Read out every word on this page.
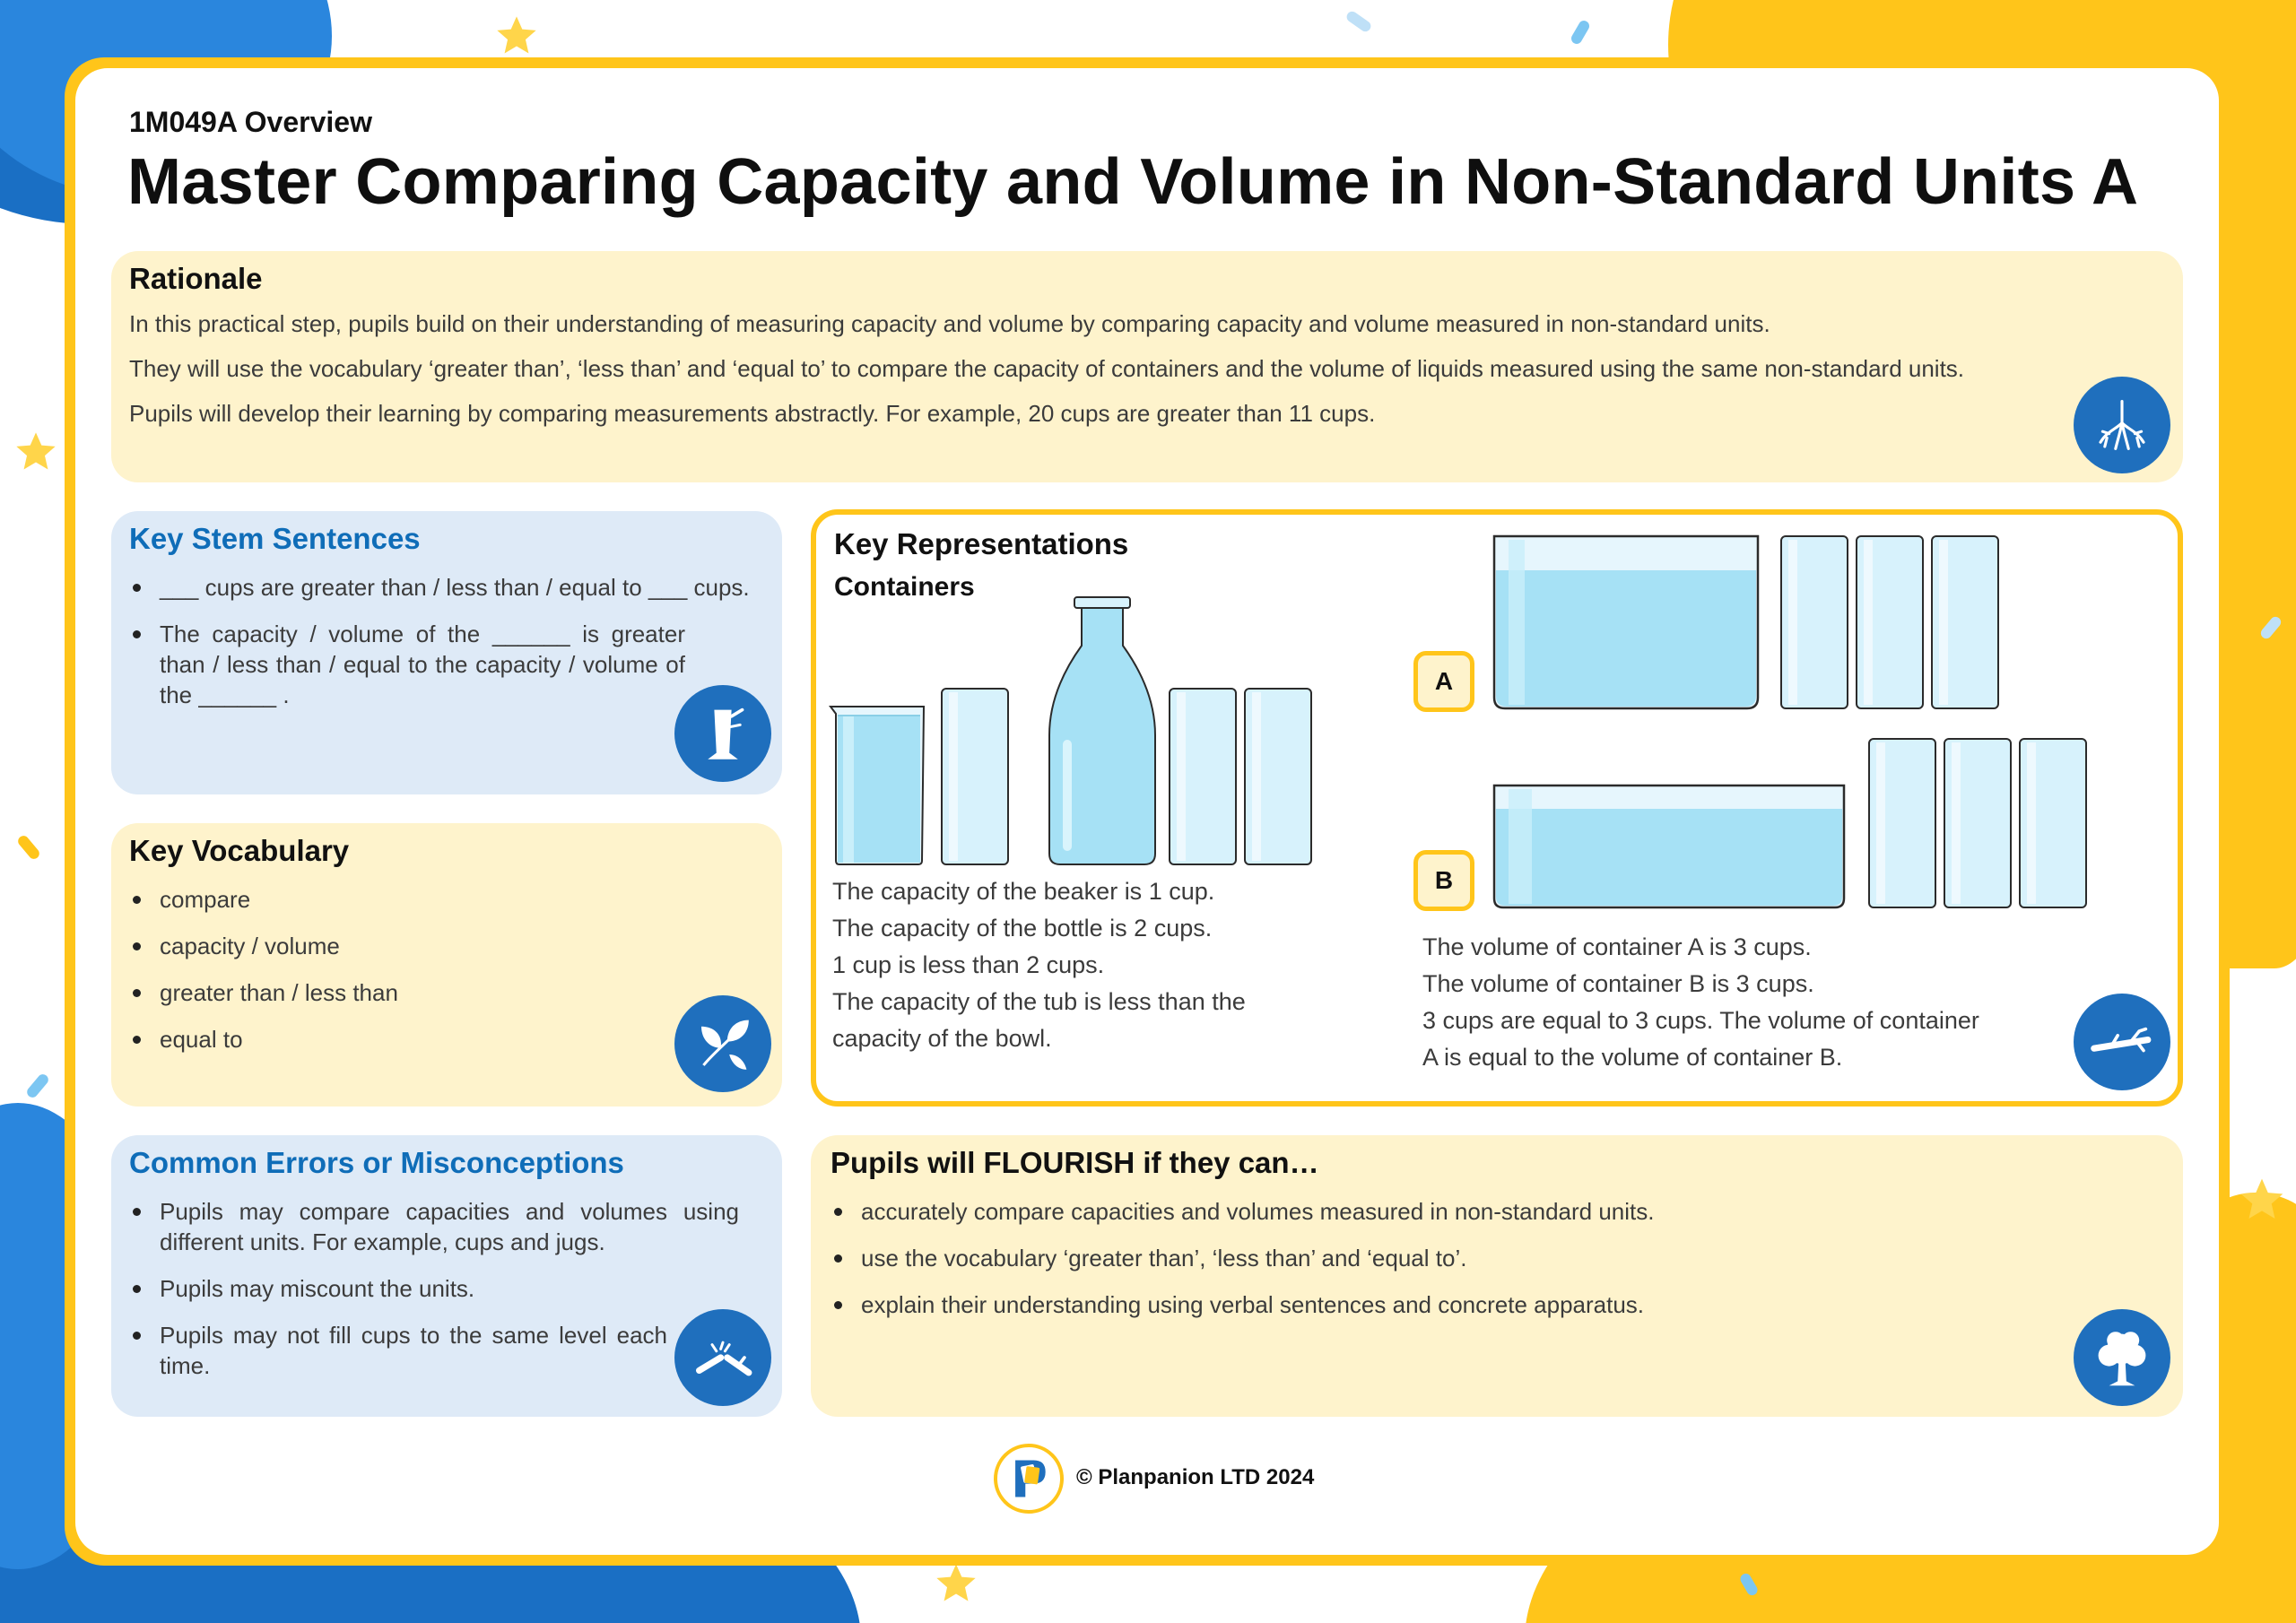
1M049A Overview
Master Comparing Capacity and Volume in Non-Standard Units A
Rationale

In this practical step, pupils build on their understanding of measuring capacity and volume by comparing capacity and volume measured in non-standard units.

They will use the vocabulary ‘greater than’, ‘less than’ and ‘equal to’ to compare the capacity of containers and the volume of liquids measured using the same non-standard units.

Pupils will develop their learning by comparing measurements abstractly. For example, 20 cups are greater than 11 cups.

Key Stem Sentences
___ cups are greater than / less than / equal to ___ cups.
The capacity / volume of the ______ is greater than / less than / equal to the capacity / volume of the ______ .
Key Vocabulary
compare
capacity / volume
greater than / less than
equal to
Common Errors or Misconceptions
Pupils may compare capacities and volumes using different units. For example, cups and jugs.
Pupils may miscount the units.
Pupils may not fill cups to the same level each time.
Key Representations
Containers
The capacity of the beaker is 1 cup.
The capacity of the bottle is 2 cups.
1 cup is less than 2 cups.
The capacity of the tub is less than the
capacity of the bowl.
A
B
The volume of container A is 3 cups.
The volume of container B is 3 cups.
3 cups are equal to 3 cups. The volume of container
A is equal to the volume of container B.
Pupils will FLOURISH if they can…
accurately compare capacities and volumes measured in non-standard units.
use the vocabulary ‘greater than’, ‘less than’ and ‘equal to’.
explain their understanding using verbal sentences and concrete apparatus.
© Planpanion LTD 2024
